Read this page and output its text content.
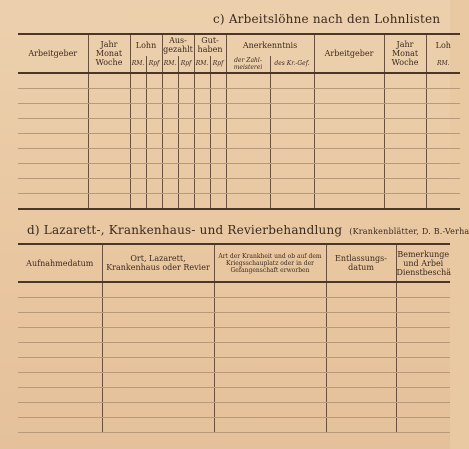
c) Arbeitslöhne nach den Lohnlisten
Arbeitgeber	Jahr Monat Woche	Lohn		Aus- gezahlt		Gut- haben		Anerkenntnis		Arbeitgeber	Jahr Monat Woche	Loh
		RM.	Rpf	RM.	Rpf	RM.	Rpf	der Zahl- meisterei	des Kr.-Gef.			RM.

d) Lazarett-, Krankenhaus- und Revierbehandlung (Krankenblätter, D. B.-Verha
Aufnahmedatum	Ort, Lazarett, Krankenhaus oder Revier	Art der Krankheit und ob auf dem Kriegsschauplatz oder in der Gefangenschaft erworben	Entlassungs- datum	Bemerkunge und Arbei Dienstbeschä
